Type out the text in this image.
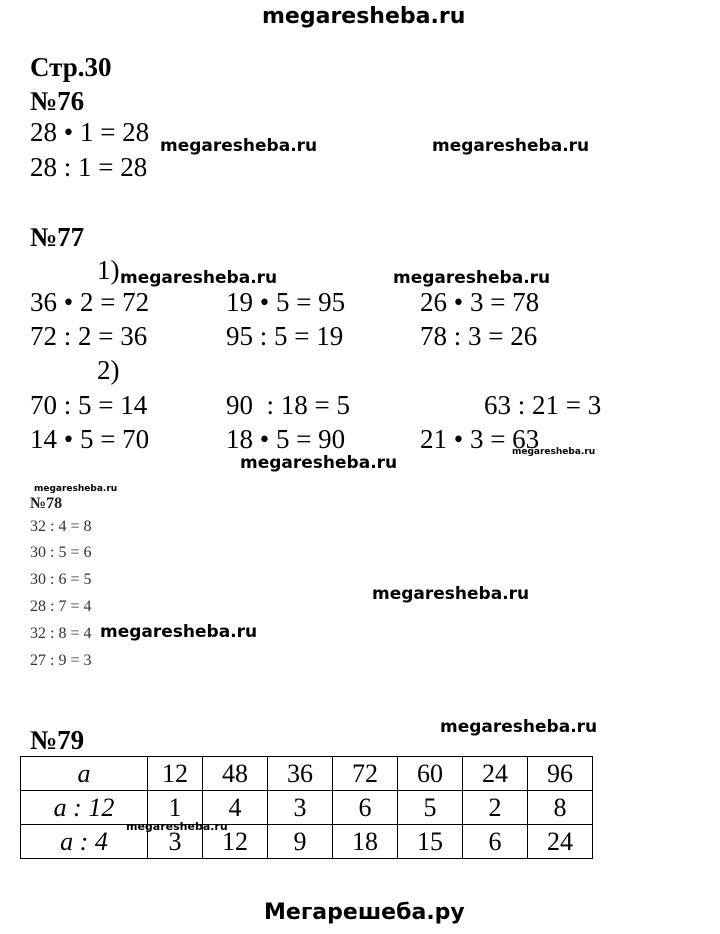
megaresheba.ru
Стр.30
№76
28 • 1 = 28
28 : 1 = 28
megaresheba.ru	megaresheba.ru
№77
1) megaresheba.ru	megaresheba.ru
36 • 2 = 72	19 • 5 = 95	26 • 3 = 78
72 : 2 = 36	95 : 5 = 19	78 : 3 = 26
2)
70 : 5 = 14	90  : 18 = 5	63 : 21 = 3
14 • 5 = 70	18 • 5 = 90	21 • 3 = 63
megaresheba.ru
megaresheba.ru
megaresheba.ru
№78
32 : 4 = 8
30 : 5 = 6
30 : 6 = 5
28 : 7 = 4
32 : 8 = 4
27 : 9 = 3
megaresheba.ru
megaresheba.ru
megaresheba.ru
№79
a	12	48	36	72	60	24	96
a : 12	1	4	3	6	5	2	8
a : 4	3	12	9	18	15	6	24
megaresheba.ru
Мегарешеба.ру
